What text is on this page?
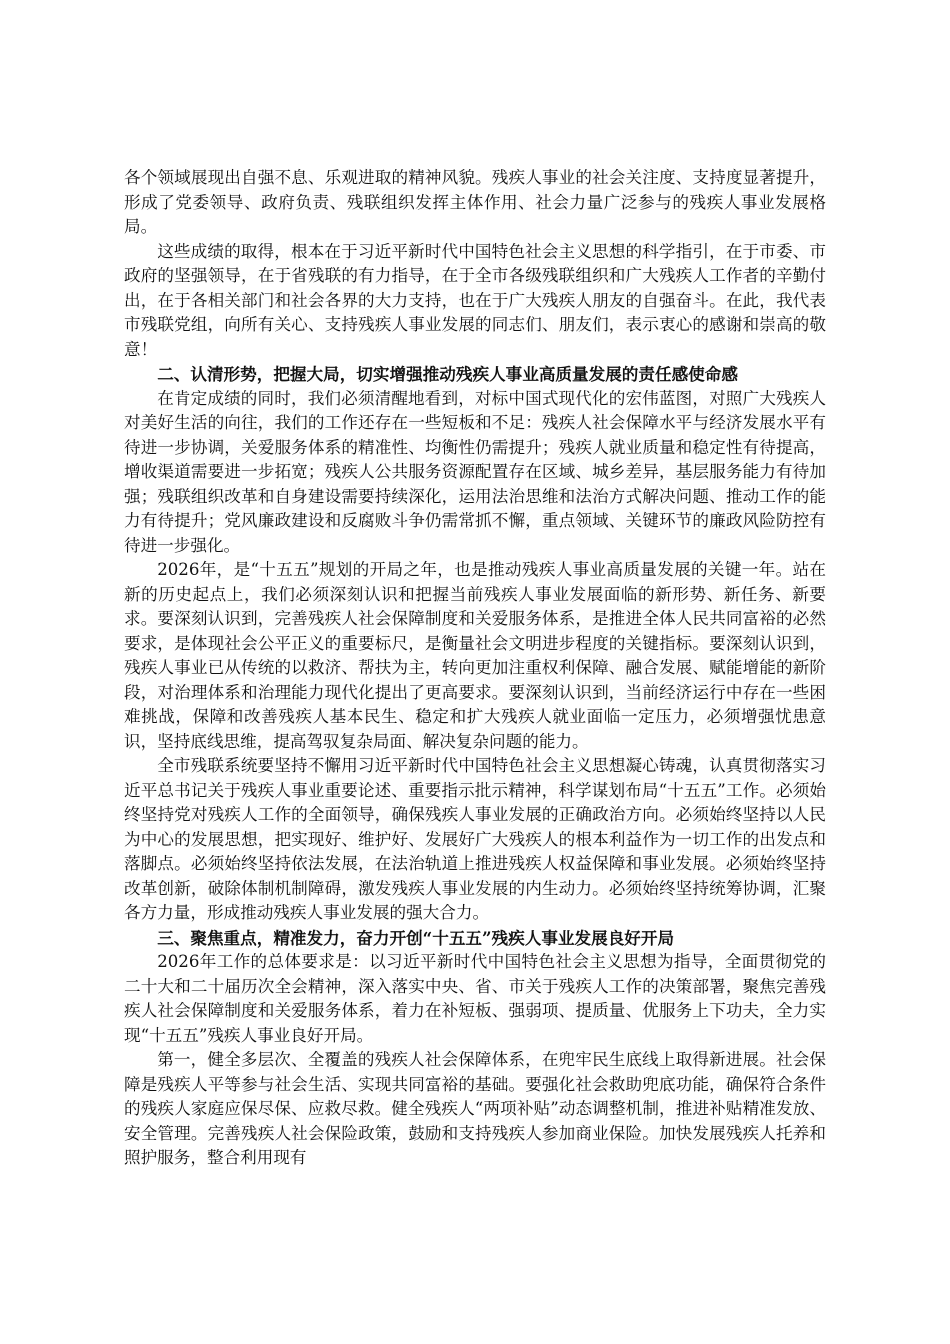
各个领域展现出自强不息、乐观进取的精神风貌。残疾人事业的社会关注度、支持度显著提升，形成了党委领导、政府负责、残联组织发挥主体作用、社会力量广泛参与的残疾人事业发展格局。

这些成绩的取得，根本在于习近平新时代中国特色社会主义思想的科学指引，在于市委、市政府的坚强领导，在于省残联的有力指导，在于全市各级残联组织和广大残疾人工作者的辛勤付出，在于各相关部门和社会各界的大力支持，也在于广大残疾人朋友的自强奋斗。在此，我代表市残联党组，向所有关心、支持残疾人事业发展的同志们、朋友们，表示衷心的感谢和崇高的敬意！

二、认清形势，把握大局，切实增强推动残疾人事业高质量发展的责任感使命感

在肯定成绩的同时，我们必须清醒地看到，对标中国式现代化的宏伟蓝图，对照广大残疾人对美好生活的向往，我们的工作还存在一些短板和不足：残疾人社会保障水平与经济发展水平有待进一步协调，关爱服务体系的精准性、均衡性仍需提升；残疾人就业质量和稳定性有待提高，增收渠道需要进一步拓宽；残疾人公共服务资源配置存在区域、城乡差异，基层服务能力有待加强；残联组织改革和自身建设需要持续深化，运用法治思维和法治方式解决问题、推动工作的能力有待提升；党风廉政建设和反腐败斗争仍需常抓不懈，重点领域、关键环节的廉政风险防控有待进一步强化。

2026年，是“十五五”规划的开局之年，也是推动残疾人事业高质量发展的关键一年。站在新的历史起点上，我们必须深刻认识和把握当前残疾人事业发展面临的新形势、新任务、新要求。要深刻认识到，完善残疾人社会保障制度和关爱服务体系，是推进全体人民共同富裕的必然要求，是体现社会公平正义的重要标尺，是衡量社会文明进步程度的关键指标。要深刻认识到，残疾人事业已从传统的以救济、帮扶为主，转向更加注重权利保障、融合发展、赋能增能的新阶段，对治理体系和治理能力现代化提出了更高要求。要深刻认识到，当前经济运行中存在一些困难挑战，保障和改善残疾人基本民生、稳定和扩大残疾人就业面临一定压力，必须增强忧患意识，坚持底线思维，提高驾驭复杂局面、解决复杂问题的能力。

全市残联系统要坚持不懈用习近平新时代中国特色社会主义思想凝心铸魂，认真贯彻落实习近平总书记关于残疾人事业重要论述、重要指示批示精神，科学谋划布局“十五五”工作。必须始终坚持党对残疾人工作的全面领导，确保残疾人事业发展的正确政治方向。必须始终坚持以人民为中心的发展思想，把实现好、维护好、发展好广大残疾人的根本利益作为一切工作的出发点和落脚点。必须始终坚持依法发展，在法治轨道上推进残疾人权益保障和事业发展。必须始终坚持改革创新，破除体制机制障碍，激发残疾人事业发展的内生动力。必须始终坚持统筹协调，汇聚各方力量，形成推动残疾人事业发展的强大合力。

三、聚焦重点，精准发力，奋力开创“十五五”残疾人事业发展良好开局

2026年工作的总体要求是：以习近平新时代中国特色社会主义思想为指导，全面贯彻党的二十大和二十届历次全会精神，深入落实中央、省、市关于残疾人工作的决策部署，聚焦完善残疾人社会保障制度和关爱服务体系，着力在补短板、强弱项、提质量、优服务上下功夫，全力实现“十五五”残疾人事业良好开局。

第一，健全多层次、全覆盖的残疾人社会保障体系，在兜牢民生底线上取得新进展。社会保障是残疾人平等参与社会生活、实现共同富裕的基础。要强化社会救助兜底功能，确保符合条件的残疾人家庭应保尽保、应救尽救。健全残疾人“两项补贴”动态调整机制，推进补贴精准发放、安全管理。完善残疾人社会保险政策，鼓励和支持残疾人参加商业保险。加快发展残疾人托养和照护服务，整合利用现有
